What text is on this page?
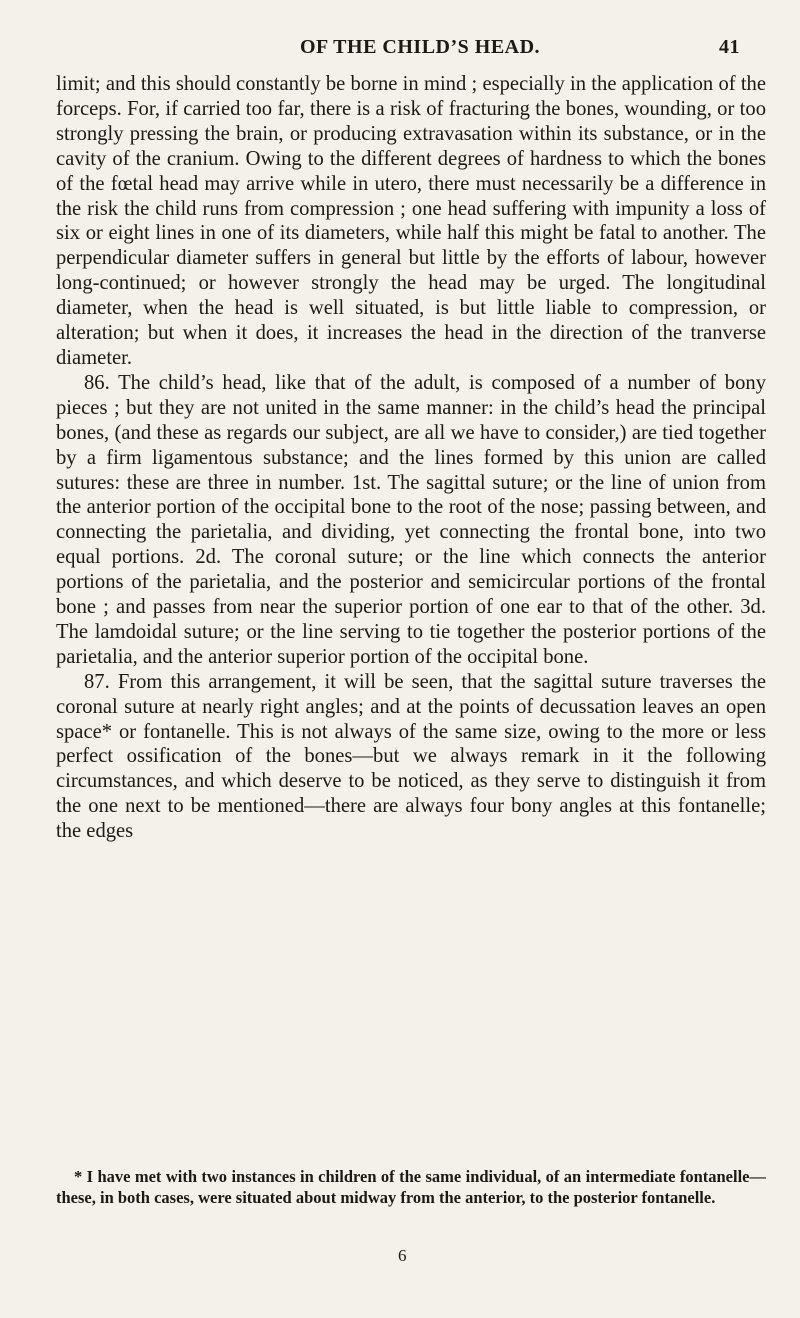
OF THE CHILD’S HEAD.	41

limit; and this should constantly be borne in mind ; especially in the application of the forceps. For, if carried too far, there is a risk of fracturing the bones, wounding, or too strongly pressing the brain, or producing extravasation within its substance, or in the cavity of the cranium. Owing to the different degrees of hardness to which the bones of the fœtal head may arrive while in utero, there must necessarily be a difference in the risk the child runs from compression ; one head suffering with impunity a loss of six or eight lines in one of its diameters, while half this might be fatal to another. The perpendicular diameter suffers in general but little by the efforts of labour, however long-continued; or however strongly the head may be urged. The longitudinal diameter, when the head is well situated, is but little liable to compression, or alteration; but when it does, it increases the head in the direction of the tranverse diameter.

86. The child’s head, like that of the adult, is composed of a number of bony pieces ; but they are not united in the same manner: in the child’s head the principal bones, (and these as regards our subject, are all we have to consider,) are tied together by a firm ligamentous substance; and the lines formed by this union are called sutures: these are three in number. 1st. The sagittal suture; or the line of union from the anterior portion of the occipital bone to the root of the nose; passing between, and connecting the parietalia, and dividing, yet connecting the frontal bone, into two equal portions. 2d. The coronal suture; or the line which connects the anterior portions of the parietalia, and the posterior and semicircular portions of the frontal bone ; and passes from near the superior portion of one ear to that of the other. 3d. The lamdoidal suture; or the line serving to tie together the posterior portions of the parietalia, and the anterior superior portion of the occipital bone.

87. From this arrangement, it will be seen, that the sagittal suture traverses the coronal suture at nearly right angles; and at the points of decussation leaves an open space* or fontanelle. This is not always of the same size, owing to the more or less perfect ossification of the bones—but we always remark in it the following circumstances, and which deserve to be noticed, as they serve to distinguish it from the one next to be mentioned—there are always four bony angles at this fontanelle; the edges

* I have met with two instances in children of the same individual, of an intermediate fontanelle—these, in both cases, were situated about midway from the anterior, to the posterior fontanelle.

6
